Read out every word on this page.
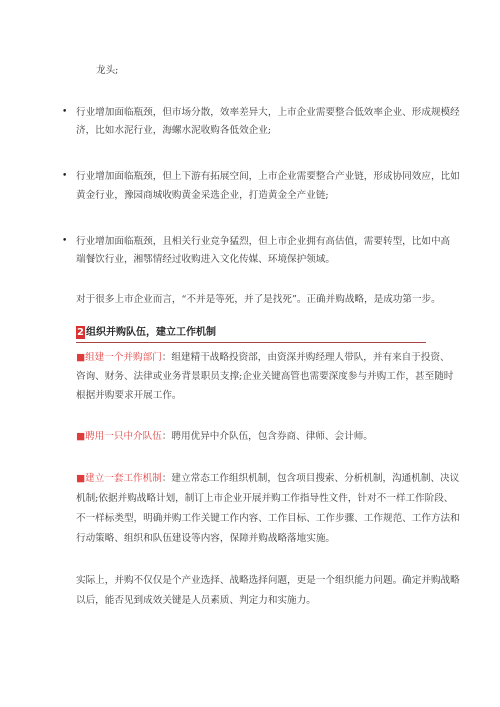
龙头;
• 行业增加面临瓶颈，但市场分散，效率差异大，上市企业需要整合低效率企业、形成规模经
济，比如水泥行业，海螺水泥收购各低效企业;
• 行业增加面临瓶颈，但上下游有拓展空间，上市企业需要整合产业链，形成协同效应，比如
黄金行业，豫园商城收购黄金采选企业，打造黄金全产业链;
• 行业增加面临瓶颈，且相关行业竞争猛烈，但上市企业拥有高估值，需要转型，比如中高
端餐饮行业，湘鄂情经过收购进入文化传媒、环境保护领域。
对于很多上市企业而言，“不并是等死，并了是找死”。正确并购战略，是成功第一步。
2 组织并购队伍，建立工作机制
■组建一个并购部门：组建精干战略投资部，由资深并购经理人带队，并有来自于投资、
咨询、财务、法律或业务背景职员支撑;企业关键高管也需要深度参与并购工作，甚至随时
根据并购要求开展工作。
■聘用一只中介队伍：聘用优异中介队伍，包含券商、律师、会计师。
■建立一套工作机制：建立常态工作组织机制，包含项目搜索、分析机制，沟通机制、决议
机制;依据并购战略计划，制订上市企业开展并购工作指导性文件，针对不一样工作阶段、
不一样标类型，明确并购工作关键工作内容、工作目标、工作步骤、工作规范、工作方法和
行动策略、组织和队伍建设等内容，保障并购战略落地实施。
实际上，并购不仅仅是个产业选择、战略选择问题，更是一个组织能力问题。确定并购战略
以后，能否见到成效关键是人员素质、判定力和实施力。
